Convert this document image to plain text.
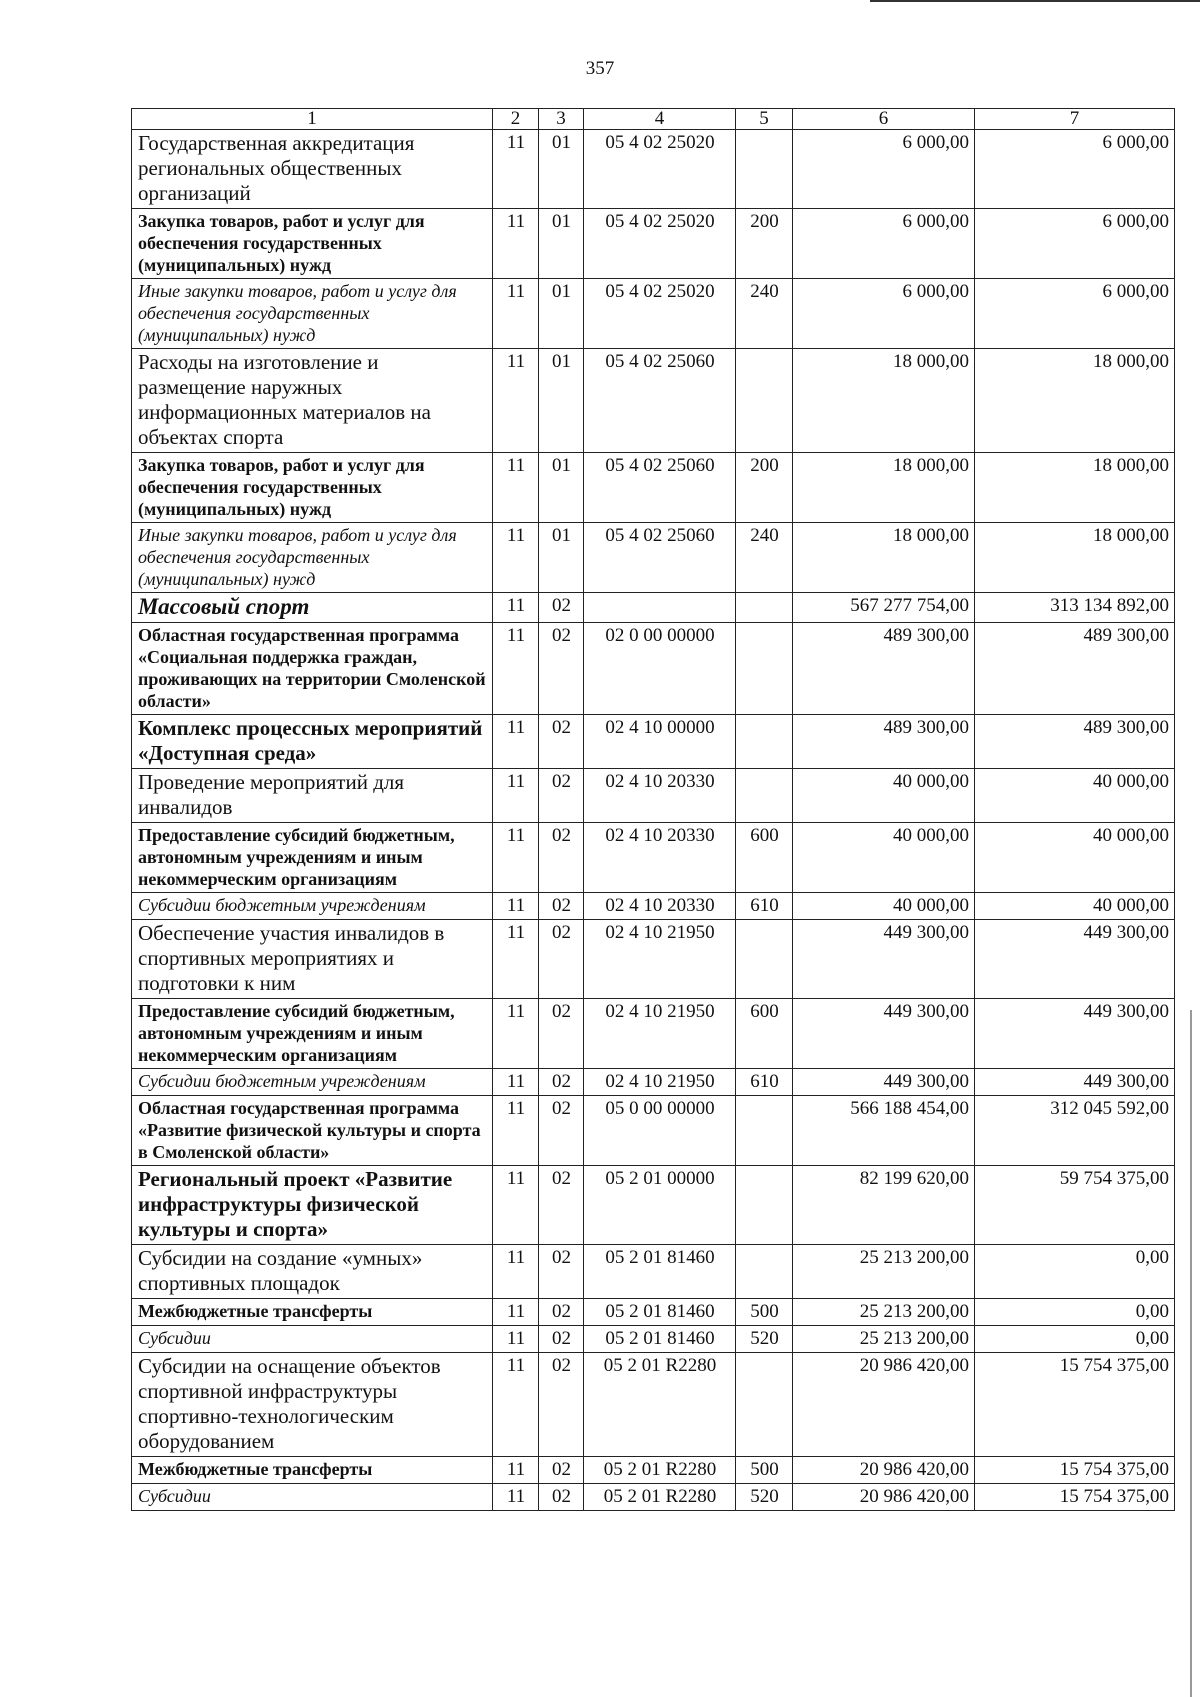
357
1	2	3	4	5	6	7
Государственная аккредитация региональных общественных организаций	11	01	05 4 02 25020		6 000,00	6 000,00
Закупка товаров, работ и услуг для обеспечения государственных (муниципальных) нужд	11	01	05 4 02 25020	200	6 000,00	6 000,00
Иные закупки товаров, работ и услуг для обеспечения государственных (муниципальных) нужд	11	01	05 4 02 25020	240	6 000,00	6 000,00
Расходы на изготовление и размещение наружных информационных материалов на объектах спорта	11	01	05 4 02 25060		18 000,00	18 000,00
Закупка товаров, работ и услуг для обеспечения государственных (муниципальных) нужд	11	01	05 4 02 25060	200	18 000,00	18 000,00
Иные закупки товаров, работ и услуг для обеспечения государственных (муниципальных) нужд	11	01	05 4 02 25060	240	18 000,00	18 000,00
Массовый спорт	11	02			567 277 754,00	313 134 892,00
Областная государственная программа «Социальная поддержка граждан, проживающих на территории Смоленской области»	11	02	02 0 00 00000		489 300,00	489 300,00
Комплекс процессных мероприятий «Доступная среда»	11	02	02 4 10 00000		489 300,00	489 300,00
Проведение мероприятий для инвалидов	11	02	02 4 10 20330		40 000,00	40 000,00
Предоставление субсидий бюджетным, автономным учреждениям и иным некоммерческим организациям	11	02	02 4 10 20330	600	40 000,00	40 000,00
Субсидии бюджетным учреждениям	11	02	02 4 10 20330	610	40 000,00	40 000,00
Обеспечение участия инвалидов в спортивных мероприятиях и подготовки к ним	11	02	02 4 10 21950		449 300,00	449 300,00
Предоставление субсидий бюджетным, автономным учреждениям и иным некоммерческим организациям	11	02	02 4 10 21950	600	449 300,00	449 300,00
Субсидии бюджетным учреждениям	11	02	02 4 10 21950	610	449 300,00	449 300,00
Областная государственная программа «Развитие физической культуры и спорта в Смоленской области»	11	02	05 0 00 00000		566 188 454,00	312 045 592,00
Региональный проект «Развитие инфраструктуры физической культуры и спорта»	11	02	05 2 01 00000		82 199 620,00	59 754 375,00
Субсидии на создание «умных» спортивных площадок	11	02	05 2 01 81460		25 213 200,00	0,00
Межбюджетные трансферты	11	02	05 2 01 81460	500	25 213 200,00	0,00
Субсидии	11	02	05 2 01 81460	520	25 213 200,00	0,00
Субсидии на оснащение объектов спортивной инфраструктуры спортивно-технологическим оборудованием	11	02	05 2 01 R2280		20 986 420,00	15 754 375,00
Межбюджетные трансферты	11	02	05 2 01 R2280	500	20 986 420,00	15 754 375,00
Субсидии	11	02	05 2 01 R2280	520	20 986 420,00	15 754 375,00
